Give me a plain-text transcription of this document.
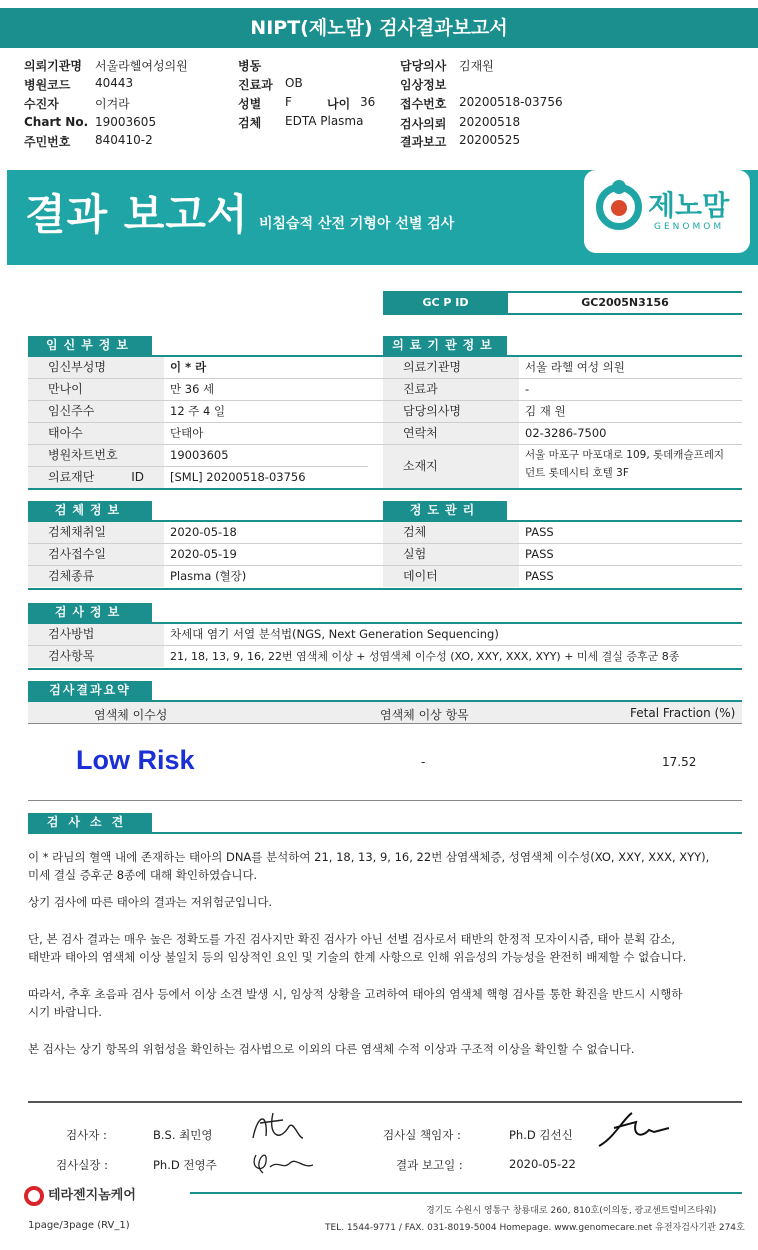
NIPT(제노맘) 검사결과보고서
의뢰기관명 서울라헬여성의원
병원코드 40443
수진자	이겨라
Chart No. 19003605
주민번호 840410-2
병동
진료과 OB
성별 F	나이 36
검체 EDTA Plasma
담당의사 김재원
임상정보
접수번호 20200518-03756
검사의뢰 20200518
결과보고 20200525
결과 보고서 비침습적 산전 기형아 선별 검사
제노맘
GENOMOM
GC P ID	GC2005N3156
임신부정보	의료기관정보
임신부성명	이 * 라
만나이	만 36 세
임신주수	12 주 4 일
태아수	단태아
병원차트번호	19003605
의료재단 ID	[SML] 20200518-03756
의료기관명	서울 라헬 여성 의원
진료과	-
담당의사명	김 재 원
연락처	02-3286-7500
소재지
서울 마포구 마포대로 109, 롯데캐슬프레지
던트 롯데시티 호텔 3F
검체정보	정도관리
검체채취일	2020-05-18
검사접수일	2020-05-19
검체종류	Plasma (혈장)
검체	PASS
실험	PASS
데이터	PASS
검사정보
검사방법	차세대 염기 서열 분석법(NGS, Next Generation Sequencing)
검사항목	21, 18, 13, 9, 16, 22번 염색체 이상 + 성염색체 이수성 (XO, XXY, XXX, XYY) + 미세 결실 증후군 8종
검사결과요약
염색체 이수성	염색체 이상 항목	Fetal Fraction (%)
Low Risk	-	17.52
검사소견
이 * 라님의 혈액 내에 존재하는 태아의 DNA를 분석하여 21, 18, 13, 9, 16, 22번 삼염색체증, 성염색체 이수성(XO, XXY, XXX, XYY),
미세 결실 증후군 8종에 대해 확인하였습니다.
상기 검사에 따른 태아의 결과는 저위험군입니다.
단, 본 검사 결과는 매우 높은 정확도를 가진 검사지만 확진 검사가 아닌 선별 검사로서 태반의 한정적 모자이시즘, 태아 분획 감소,
태반과 태아의 염색체 이상 불일치 등의 임상적인 요인 및 기술의 한계 사항으로 인해 위음성의 가능성을 완전히 배제할 수 없습니다.
따라서, 추후 초음파 검사 등에서 이상 소견 발생 시, 임상적 상황을 고려하여 태아의 염색체 핵형 검사를 통한 확진을 반드시 시행하
시기 바랍니다.
본 검사는 상기 항목의 위험성을 확인하는 검사법으로 이외의 다른 염색체 수적 이상과 구조적 이상을 확인할 수 없습니다.
검사자 :	B.S. 최민영
검사실장 :	Ph.D 전영주
검사실 책임자 :	Ph.D 김선신
결과 보고일 :	2020-05-22
테라젠지놈케어
경기도 수원시 영통구 창룡대로 260, 810호(이의동, 광교센트럴비즈타워)
TEL. 1544-9771 / FAX. 031-8019-5004 Homepage. www.genomecare.net 유전자검사기관 274호
1page/3page (RV_1)
